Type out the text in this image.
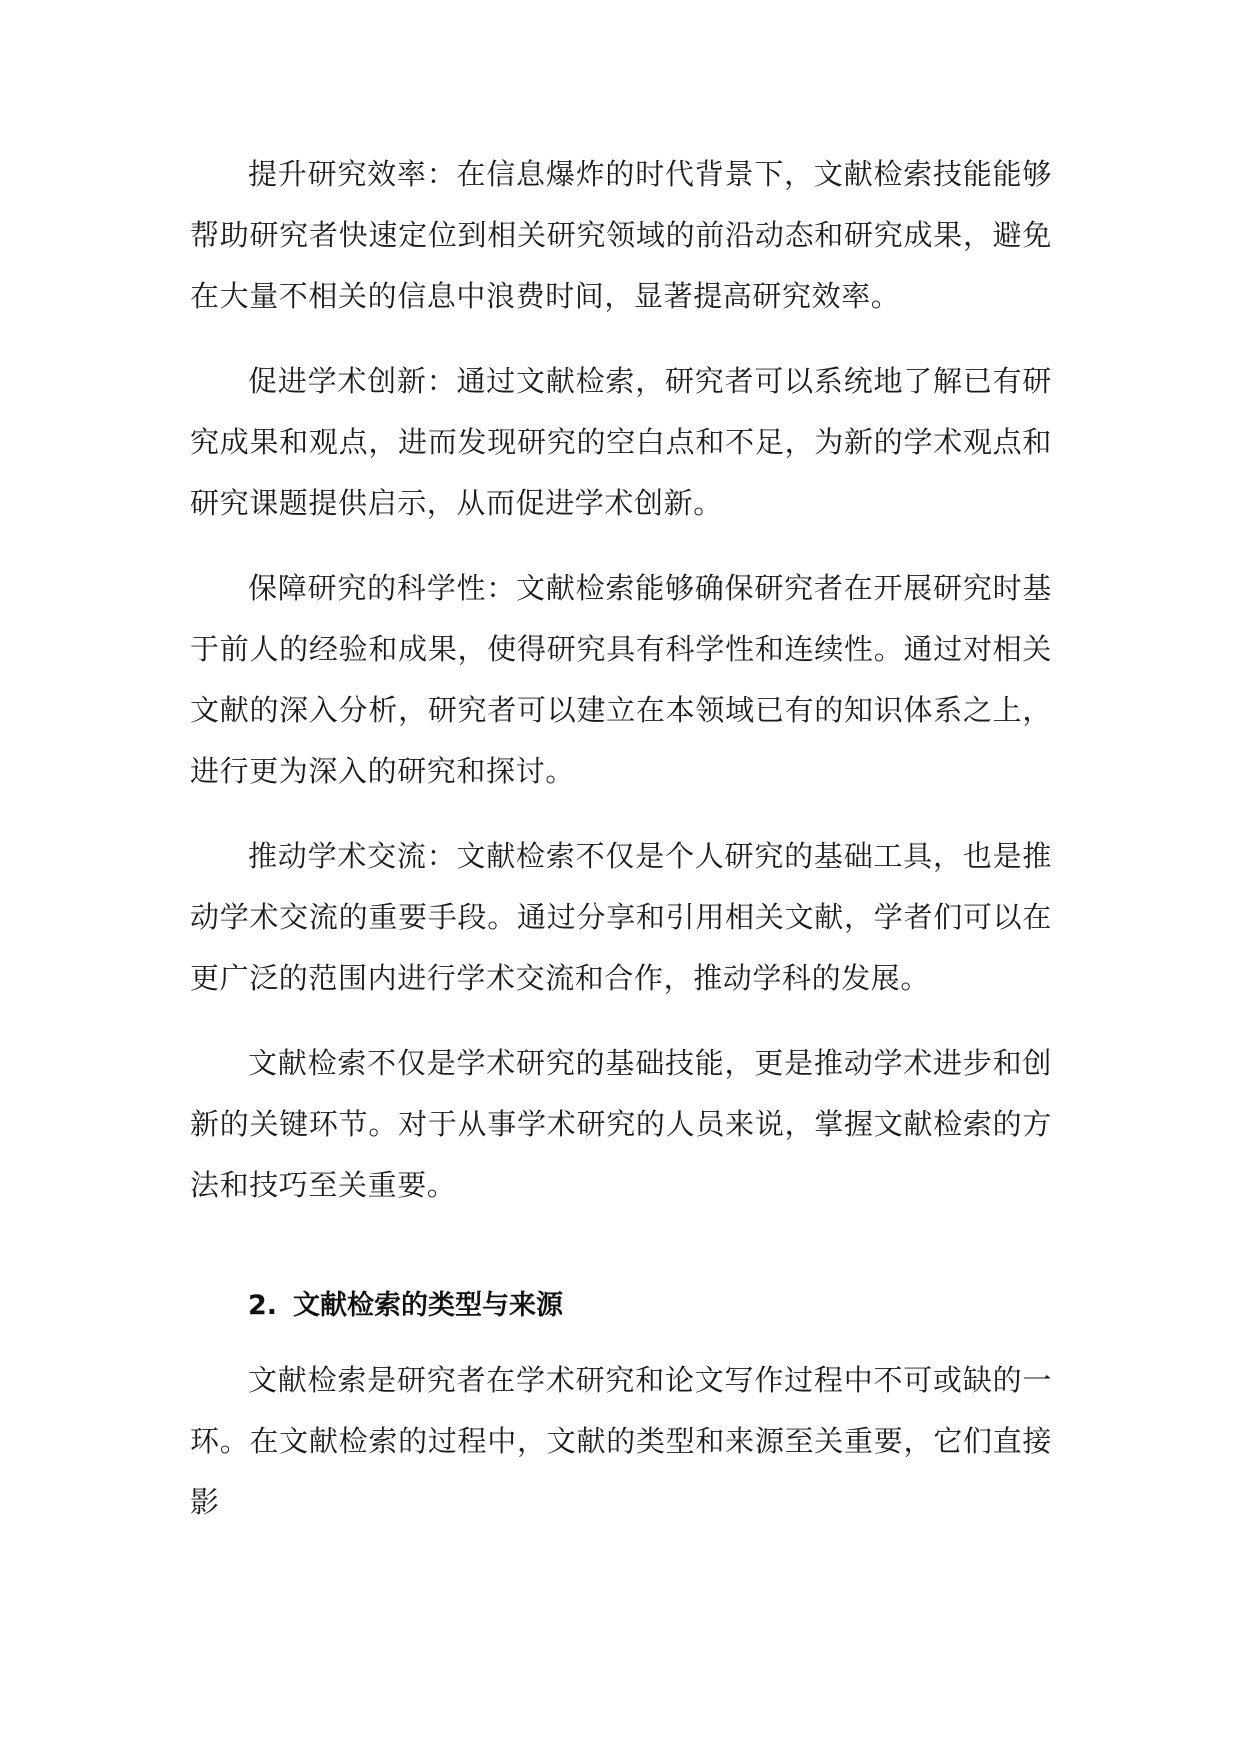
提升研究效率：在信息爆炸的时代背景下，文献检索技能能够帮助研究者快速定位到相关研究领域的前沿动态和研究成果，避免在大量不相关的信息中浪费时间，显著提高研究效率。

促进学术创新：通过文献检索，研究者可以系统地了解已有研究成果和观点，进而发现研究的空白点和不足，为新的学术观点和研究课题提供启示，从而促进学术创新。

保障研究的科学性：文献检索能够确保研究者在开展研究时基于前人的经验和成果，使得研究具有科学性和连续性。通过对相关文献的深入分析，研究者可以建立在本领域已有的知识体系之上，进行更为深入的研究和探讨。

推动学术交流：文献检索不仅是个人研究的基础工具，也是推动学术交流的重要手段。通过分享和引用相关文献，学者们可以在更广泛的范围内进行学术交流和合作，推动学科的发展。

文献检索不仅是学术研究的基础技能，更是推动学术进步和创新的关键环节。对于从事学术研究的人员来说，掌握文献检索的方法和技巧至关重要。

2. 文献检索的类型与来源

文献检索是研究者在学术研究和论文写作过程中不可或缺的一环。在文献检索的过程中，文献的类型和来源至关重要，它们直接影
